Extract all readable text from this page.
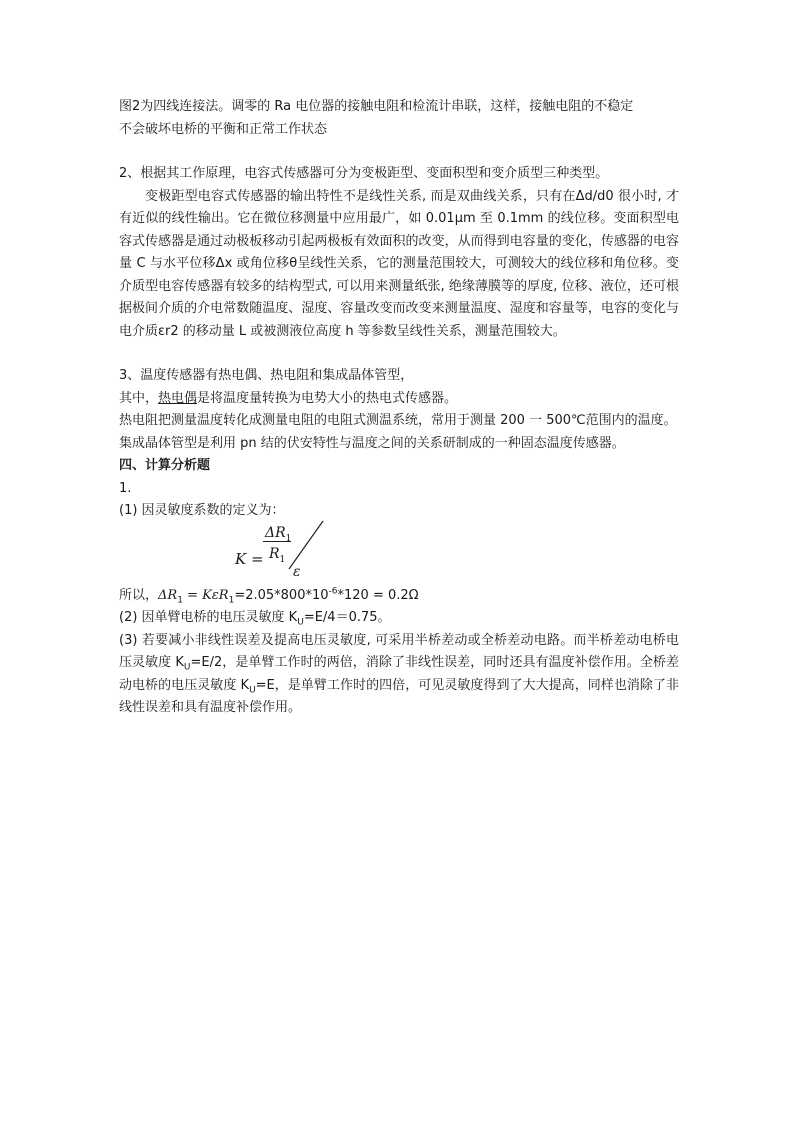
图2为四线连接法。调零的 Ra 电位器的接触电阻和检流计串联，这样，接触电阻的不稳定

不会破坏电桥的平衡和正常工作状态

2、根据其工作原理，电容式传感器可分为变极距型、变面积型和变介质型三种类型。

变极距型电容式传感器的输出特性不是线性关系, 而是双曲线关系，只有在Δd/d0 很小时, 才有近似的线性输出。它在微位移测量中应用最广，如 0.01μm 至 0.1mm 的线位移。变面积型电容式传感器是通过动极板移动引起两极板有效面积的改变，从而得到电容量的变化，传感器的电容量 C 与水平位移Δx 或角位移θ呈线性关系，它的测量范围较大，可测较大的线位移和角位移。变介质型电容传感器有较多的结构型式, 可以用来测量纸张, 绝缘薄膜等的厚度, 位移、液位，还可根据极间介质的介电常数随温度、湿度、容量改变而改变来测量温度、湿度和容量等，电容的变化与电介质εr2 的移动量 L 或被测液位高度 h 等参数呈线性关系，测量范围较大。

3、温度传感器有热电偶、热电阻和集成晶体管型，

其中，热电偶是将温度量转换为电势大小的热电式传感器。

热电阻把测量温度转化成测量电阻的电阻式测温系统，常用于测量 200 一 500℃范围内的温度。

集成晶体管型是利用 pn 结的伏安特性与温度之间的关系研制成的一种固态温度传感器。

四、计算分析题

1.

(1) 因灵敏度系数的定义为：

K =
$\Delta R_1$
$R_1$
ε

所以，$\Delta R_1 = K\varepsilon R_1=2.05*800*10^{-6}*120 = 0.2\Omega$

(2) 因单臂电桥的电压灵敏度 $K_U=E/4=0.75$。

(3) 若要减小非线性误差及提高电压灵敏度, 可采用半桥差动或全桥差动电路。而半桥差动电桥电压灵敏度 $K_U=E/2$，是单臂工作时的两倍，消除了非线性误差，同时还具有温度补偿作用。全桥差动电桥的电压灵敏度 $K_U=E$，是单臂工作时的四倍，可见灵敏度得到了大大提高，同样也消除了非线性误差和具有温度补偿作用。
